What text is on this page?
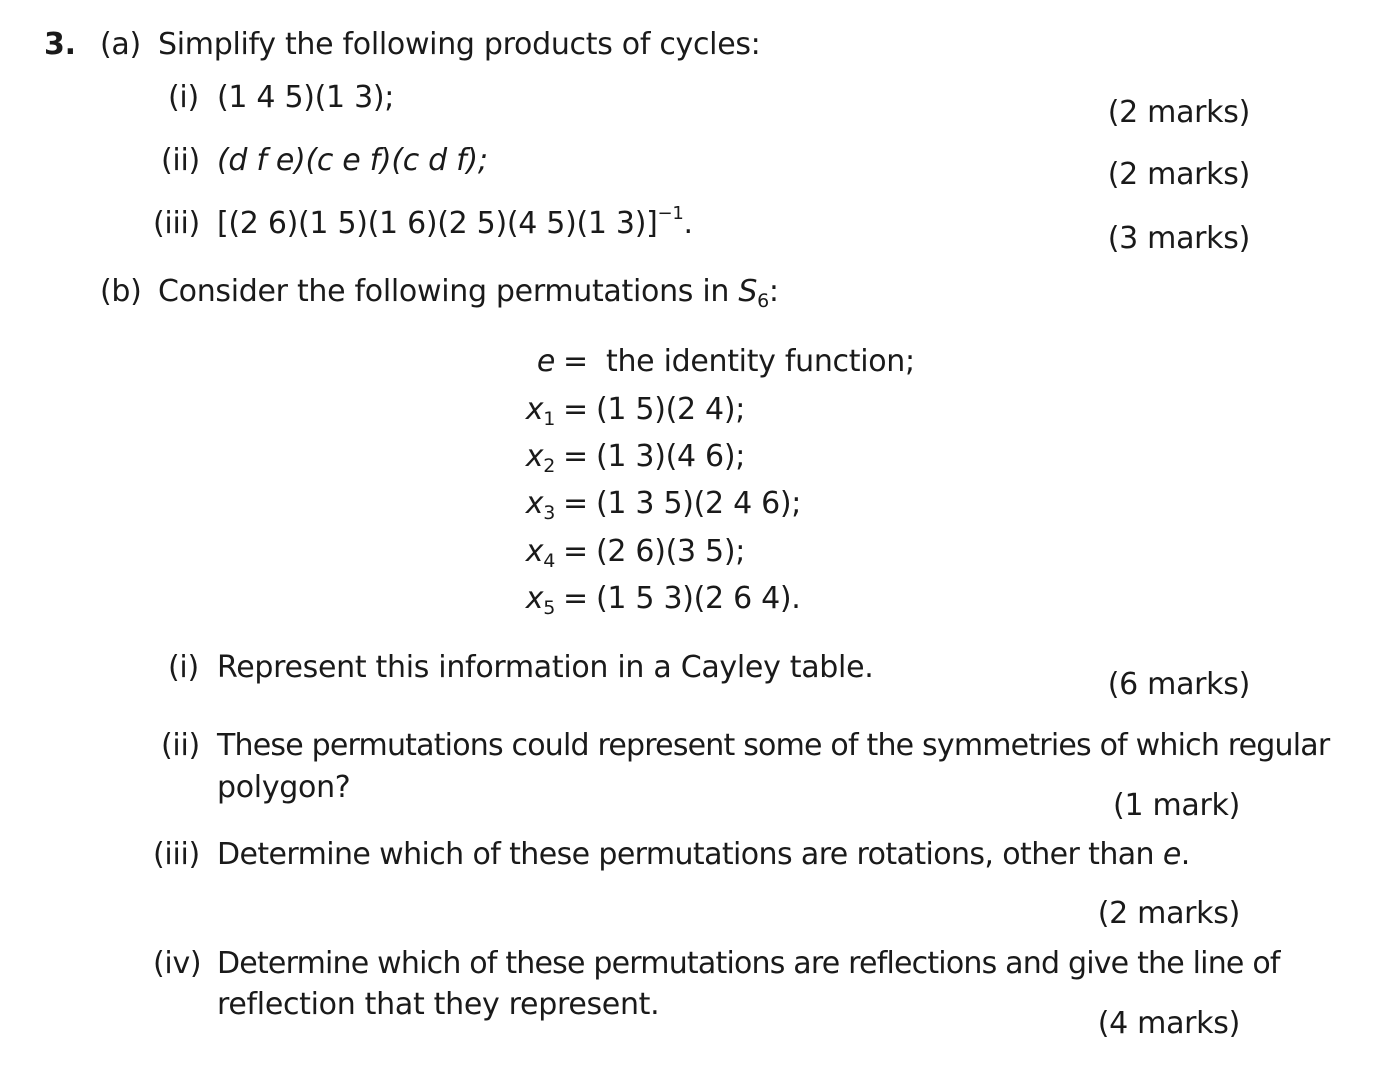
3. (a) Simplify the following products of cycles:
(i) (1 4 5)(1 3);	(2 marks)
(ii) (d f e)(c e f)(c d f);	(2 marks)
(iii) [(2 6)(1 5)(1 6)(2 5)(4 5)(1 3)]$^{-1}$.	(3 marks)
(b) Consider the following permutations in $S_6$:
e = the identity function;
$x_1 = (1$ 5)(2 4);
$x_2 = (1$ 3)(4 6);
$x_3 = (1$ 3 5)(2 4 6);
$x_4 = (2$ 6)(3 5);
$x_5 = (1$ 5 3)(2 6 4).
(i) Represent this information in a Cayley table.	(6 marks)
(ii) These permutations could represent some of the symmetries of which regular
polygon?
(1 mark)
(iii) Determine which of these permutations are rotations, other than e.
(2 marks)
(iv) Determine which of these permutations are reflections and give the line of
reflection that they represent.
(4 marks)
